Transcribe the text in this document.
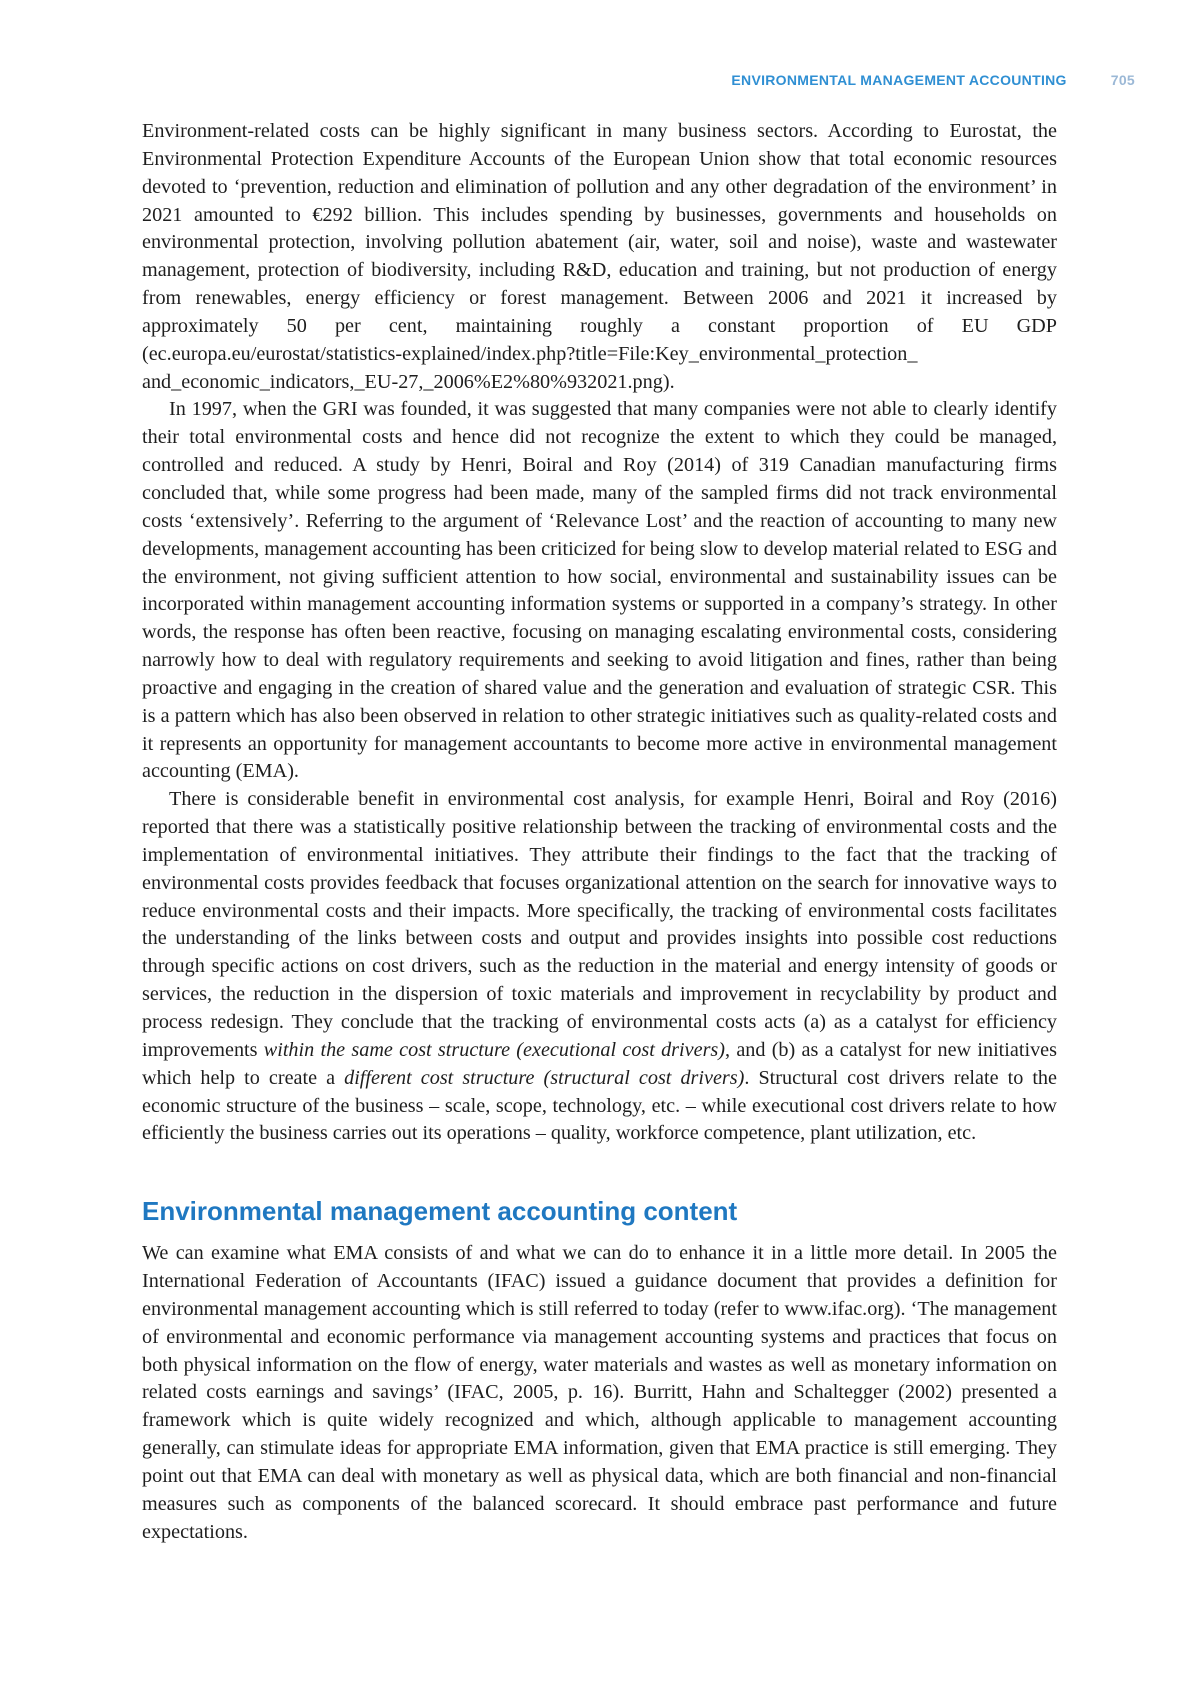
ENVIRONMENTAL MANAGEMENT ACCOUNTING	705

Environment-related costs can be highly significant in many business sectors. According to Eurostat, the Environmental Protection Expenditure Accounts of the European Union show that total economic resources devoted to ‘prevention, reduction and elimination of pollution and any other degradation of the environment’ in 2021 amounted to €292 billion. This includes spending by businesses, governments and households on environmental protection, involving pollution abatement (air, water, soil and noise), waste and wastewater management, protection of biodiversity, including R&D, education and training, but not production of energy from renewables, energy efficiency or forest management. Between 2006 and 2021 it increased by approximately 50 per cent, maintaining roughly a constant proportion of EU GDP (ec.europa.eu/eurostat/statistics-explained/index.php?title=File:Key_environmental_protection_ and_economic_indicators,_EU-27,_2006%E2%80%932021.png).

In 1997, when the GRI was founded, it was suggested that many companies were not able to clearly identify their total environmental costs and hence did not recognize the extent to which they could be managed, controlled and reduced. A study by Henri, Boiral and Roy (2014) of 319 Canadian manufacturing firms concluded that, while some progress had been made, many of the sampled firms did not track environmental costs ‘extensively’. Referring to the argument of ‘Relevance Lost’ and the reaction of accounting to many new developments, management accounting has been criticized for being slow to develop material related to ESG and the environment, not giving sufficient attention to how social, environmental and sustainability issues can be incorporated within management accounting information systems or supported in a company’s strategy. In other words, the response has often been reactive, focusing on managing escalating environmental costs, considering narrowly how to deal with regulatory requirements and seeking to avoid litigation and fines, rather than being proactive and engaging in the creation of shared value and the generation and evaluation of strategic CSR. This is a pattern which has also been observed in relation to other strategic initiatives such as quality-related costs and it represents an opportunity for management accountants to become more active in environmental management accounting (EMA).

There is considerable benefit in environmental cost analysis, for example Henri, Boiral and Roy (2016) reported that there was a statistically positive relationship between the tracking of environmental costs and the implementation of environmental initiatives. They attribute their findings to the fact that the tracking of environmental costs provides feedback that focuses organizational attention on the search for innovative ways to reduce environmental costs and their impacts. More specifically, the tracking of environmental costs facilitates the understanding of the links between costs and output and provides insights into possible cost reductions through specific actions on cost drivers, such as the reduction in the material and energy intensity of goods or services, the reduction in the dispersion of toxic materials and improvement in recyclability by product and process redesign. They conclude that the tracking of environmental costs acts (a) as a catalyst for efficiency improvements within the same cost structure (executional cost drivers), and (b) as a catalyst for new initiatives which help to create a different cost structure (structural cost drivers). Structural cost drivers relate to the economic structure of the business – scale, scope, technology, etc. – while executional cost drivers relate to how efficiently the business carries out its operations – quality, workforce competence, plant utilization, etc.

Environmental management accounting content

We can examine what EMA consists of and what we can do to enhance it in a little more detail. In 2005 the International Federation of Accountants (IFAC) issued a guidance document that provides a definition for environmental management accounting which is still referred to today (refer to www.ifac.org). ‘The management of environmental and economic performance via management accounting systems and practices that focus on both physical information on the flow of energy, water materials and wastes as well as monetary information on related costs earnings and savings’ (IFAC, 2005, p. 16). Burritt, Hahn and Schaltegger (2002) presented a framework which is quite widely recognized and which, although applicable to management accounting generally, can stimulate ideas for appropriate EMA information, given that EMA practice is still emerging. They point out that EMA can deal with monetary as well as physical data, which are both financial and non-financial measures such as components of the balanced scorecard. It should embrace past performance and future expectations.
